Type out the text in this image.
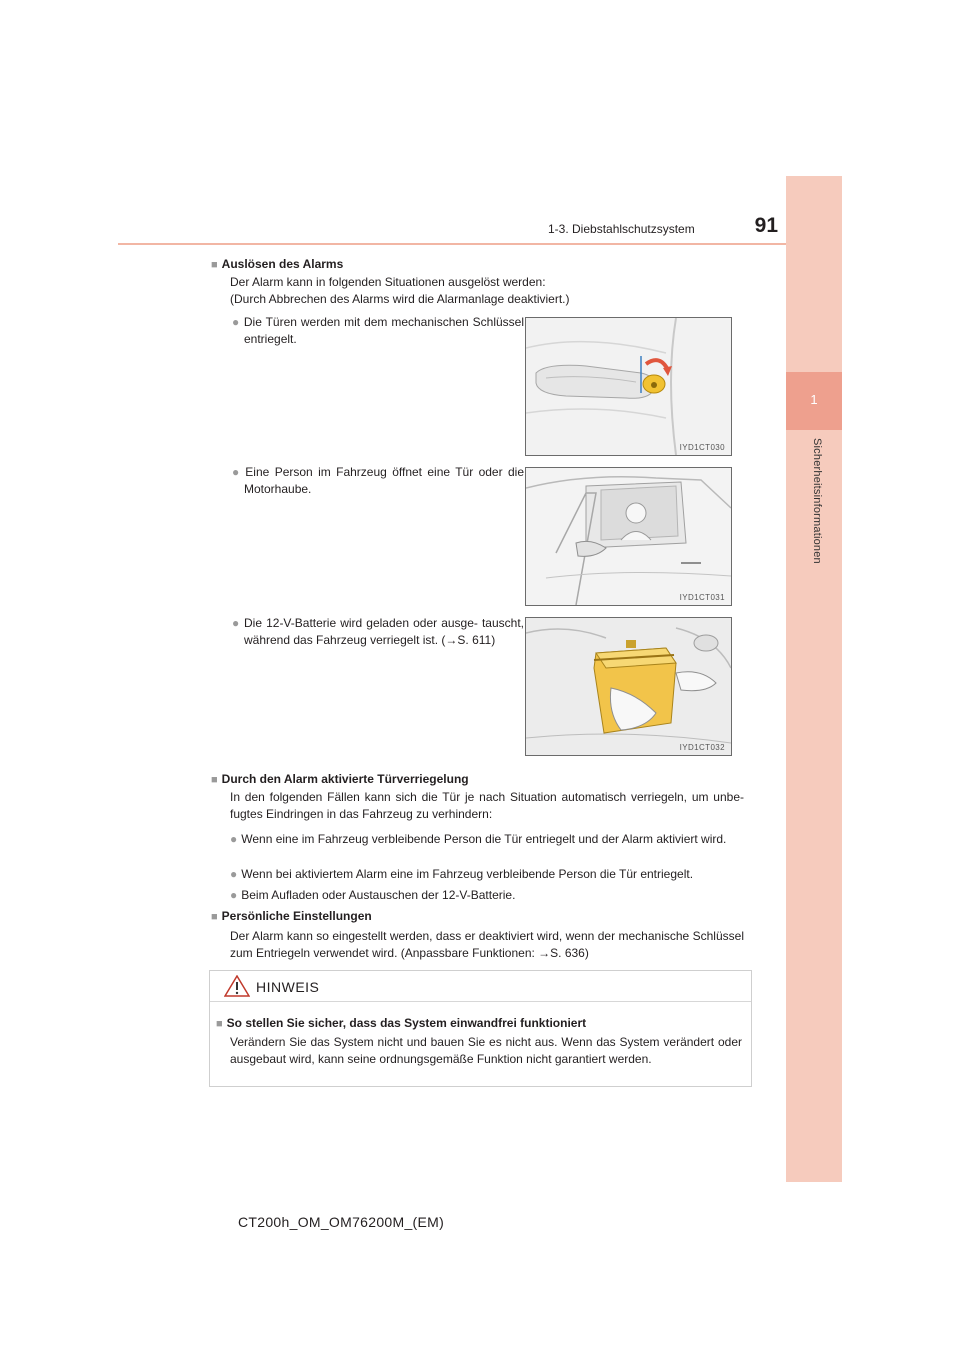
1
Sicherheitsinformationen
1-3. Diebstahlschutzsystem	91
■ Auslösen des Alarms
Der Alarm kann in folgenden Situationen ausgelöst werden:
(Durch Abbrechen des Alarms wird die Alarmanlage deaktiviert.)
● Die Türen werden mit dem mechanischen Schlüssel entriegelt.
IYD1CT030
● Eine Person im Fahrzeug öffnet eine Tür oder die Motorhaube.
IYD1CT031
● Die 12-V-Batterie wird geladen oder ausge- tauscht, während das Fahrzeug verriegelt ist. (→S. 611)
IYD1CT032
■ Durch den Alarm aktivierte Türverriegelung
In den folgenden Fällen kann sich die Tür je nach Situation automatisch verriegeln, um unbe- fugtes Eindringen in das Fahrzeug zu verhindern:
● Wenn eine im Fahrzeug verbleibende Person die Tür entriegelt und der Alarm aktiviert wird.
● Wenn bei aktiviertem Alarm eine im Fahrzeug verbleibende Person die Tür entriegelt.
● Beim Aufladen oder Austauschen der 12-V-Batterie.
■ Persönliche Einstellungen
Der Alarm kann so eingestellt werden, dass er deaktiviert wird, wenn der mechanische Schlüssel zum Entriegeln verwendet wird. (Anpassbare Funktionen: →S. 636)
HINWEIS
■ So stellen Sie sicher, dass das System einwandfrei funktioniert
Verändern Sie das System nicht und bauen Sie es nicht aus. Wenn das System verändert oder ausgebaut wird, kann seine ordnungsgemäße Funktion nicht garantiert werden.
CT200h_OM_OM76200M_(EM)
